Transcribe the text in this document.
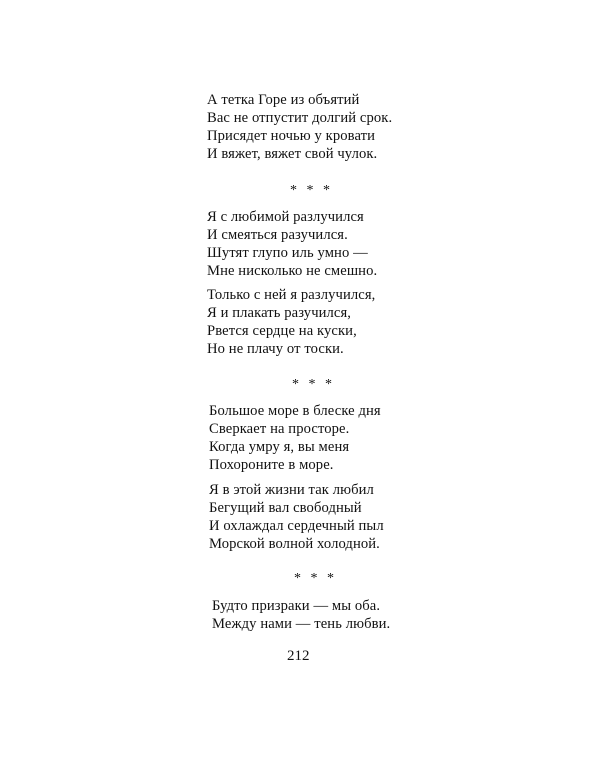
А тетка Горе из объятий
Вас не отпустит долгий срок.
Присядет ночью у кровати
И вяжет, вяжет свой чулок.
* * *
Я с любимой разлучился
И смеяться разучился.
Шутят глупо иль умно —
Мне нисколько не смешно.
Только с ней я разлучился,
Я и плакать разучился,
Рвется сердце на куски,
Но не плачу от тоски.
* * *
Большое море в блеске дня
Сверкает на просторе.
Когда умру я, вы меня
Похороните в море.
Я в этой жизни так любил
Бегущий вал свободный
И охлаждал сердечный пыл
Морской волной холодной.
* * *
Будто призраки — мы оба.
Между нами — тень любви.
212
